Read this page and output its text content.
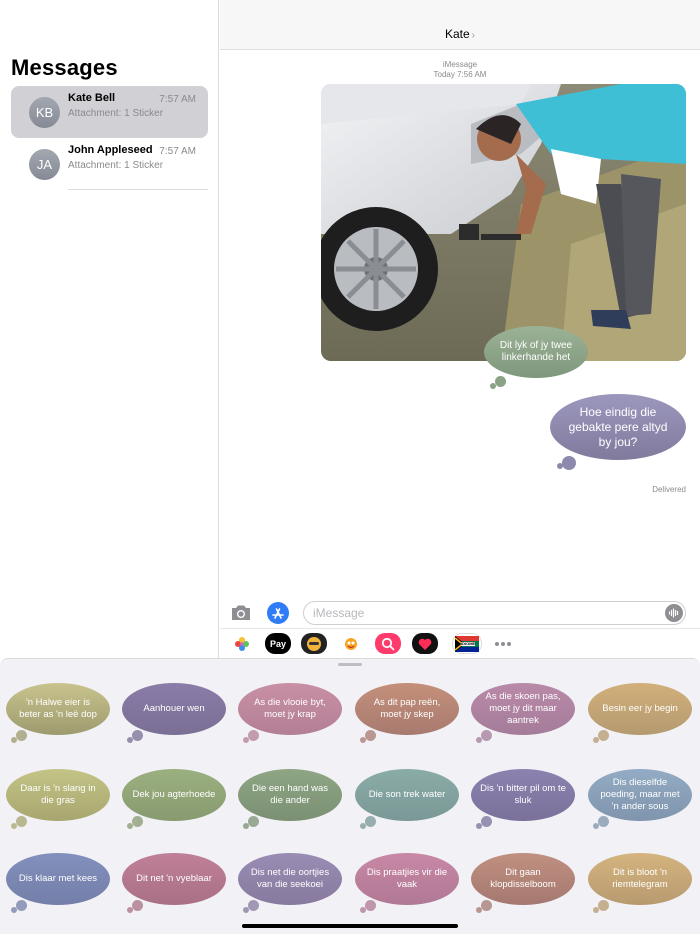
Messages
KB
Kate Bell	7:57 AM
Attachment: 1 Sticker
JA
John Appleseed 7:57 AM
Attachment: 1 Sticker
Kate ›
iMessage
Today 7:56 AM
Dit lyk of jy twee linkerhande het
Hoe eindig die gebakte pere altyd by jou?
Delivered
iMessage
Pay	IDIOME
'n Halwe eier is beter as 'n leë dop
Aanhouer wen
As die vlooie byt, moet jy krap
As dit pap reën, moet jy skep
As die skoen pas, moet jy dit maar aantrek
Besin eer jy begin
Daar is 'n slang in die gras
Dek jou agterhoede
Die een hand was die ander
Die son trek water
Dis 'n bitter pil om te sluk
Dis dieselfde poeding, maar met 'n ander sous
Dis klaar met kees	Dit net 'n vyeblaar
Dis net die oortjies van die seekoei
Dis praatjies vir die vaak
Dit gaan klopdisselboom
Dit is bloot 'n riemtelegram
